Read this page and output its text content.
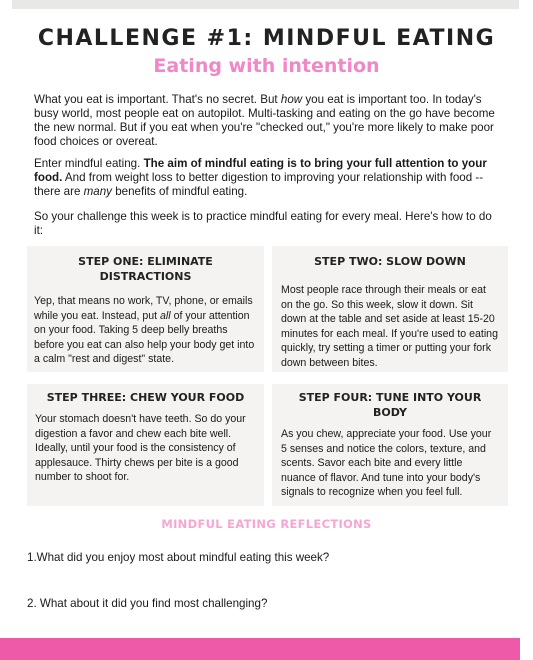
CHALLENGE #1: MINDFUL EATING
Eating with intention

What you eat is important. That's no secret. But how you eat is important too. In today's busy world, most people eat on autopilot. Multi-tasking and eating on the go have become the new normal. But if you eat when you're "checked out," you're more likely to make poor food choices or overeat.

Enter mindful eating. The aim of mindful eating is to bring your full attention to your food. And from weight loss to better digestion to improving your relationship with food -- there are many benefits of mindful eating.

So your challenge this week is to practice mindful eating for every meal. Here's how to do it:

STEP ONE: ELIMINATE DISTRACTIONS

Yep, that means no work, TV, phone, or emails while you eat. Instead, put all of your attention on your food. Taking 5 deep belly breaths before you eat can also help your body get into a calm "rest and digest" state.

STEP TWO: SLOW DOWN

Most people race through their meals or eat on the go. So this week, slow it down. Sit down at the table and set aside at least 15-20 minutes for each meal. If you're used to eating quickly, try setting a timer or putting your fork down between bites.

STEP THREE: CHEW YOUR FOOD

Your stomach doesn't have teeth. So do your digestion a favor and chew each bite well. Ideally, until your food is the consistency of applesauce. Thirty chews per bite is a good number to shoot for.

STEP FOUR: TUNE INTO YOUR BODY

As you chew, appreciate your food. Use your 5 senses and notice the colors, texture, and scents. Savor each bite and every little nuance of flavor. And tune into your body's signals to recognize when you feel full.

MINDFUL EATING REFLECTIONS
1.What did you enjoy most about mindful eating this week?
2. What about it did you find most challenging?
